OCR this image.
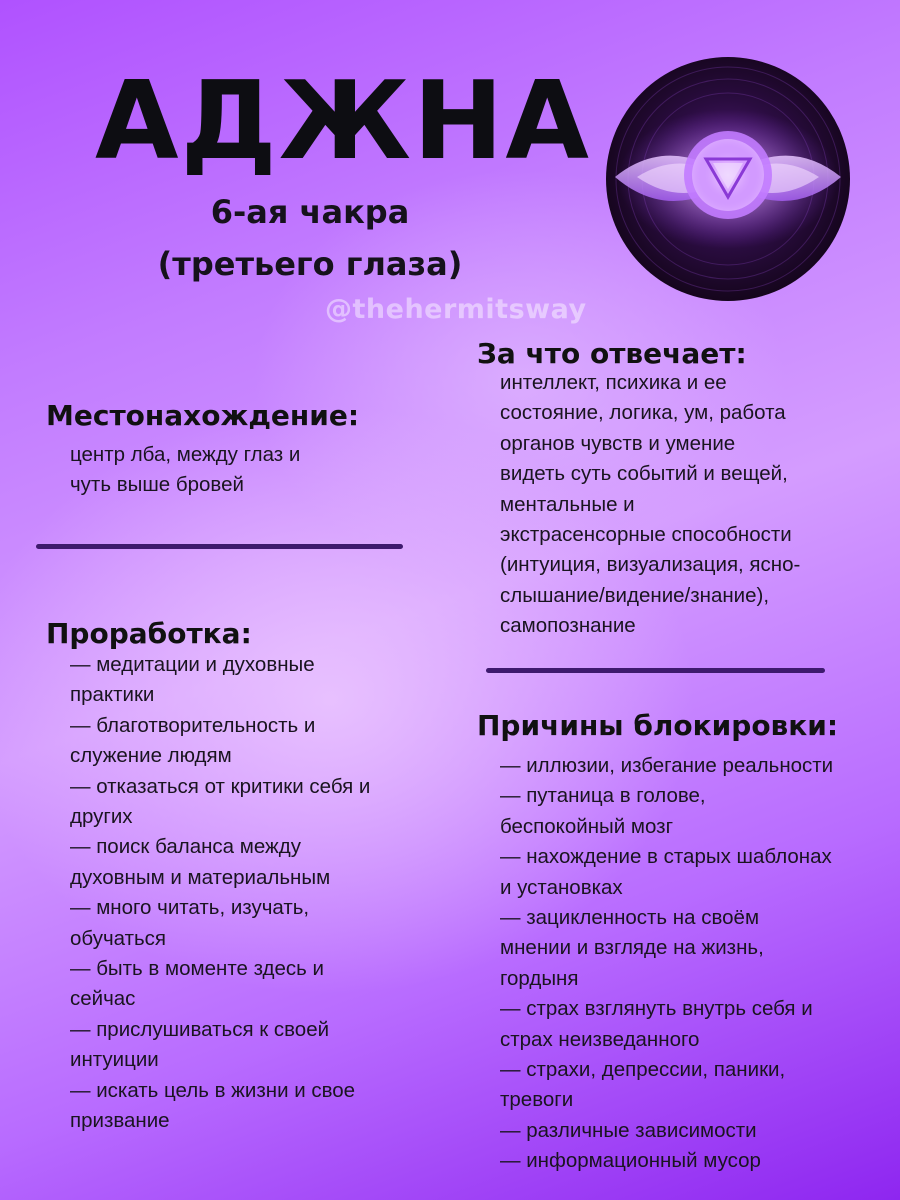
АДЖНА
6-ая чакра
(третьего глаза)
@thehermitsway
Местонахождение:
центр лба, между глаз и
чуть выше бровей
За что отвечает:
интеллект, психика и ее
состояние, логика, ум, работа
органов чувств и умение
видеть суть событий и вещей,
ментальные и
экстрасенсорные способности
(интуиция, визуализация, ясно-
слышание/видение/знание),
самопознание
Проработка:
— медитации и духовные
практики
— благотворительность и
служение людям
— отказаться от критики себя и
других
— поиск баланса между
духовным и материальным
— много читать, изучать,
обучаться
— быть в моменте здесь и
сейчас
— прислушиваться к своей
интуиции
— искать цель в жизни и свое
призвание
Причины блокировки:
— иллюзии, избегание реальности
— путаница в голове,
беспокойный мозг
— нахождение в старых шаблонах
и установках
— зацикленность на своём
мнении и взгляде на жизнь,
гордыня
— страх взглянуть внутрь себя и
страх неизведанного
— страхи, депрессии, паники,
тревоги
— различные зависимости
— информационный мусор
